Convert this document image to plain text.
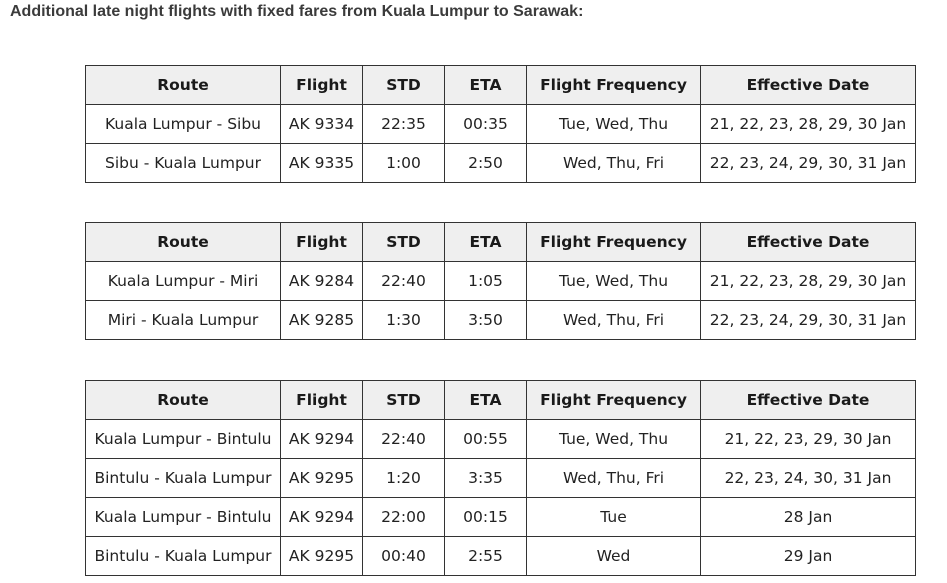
Additional late night flights with fixed fares from Kuala Lumpur to Sarawak:
Route	Flight	STD	ETA	Flight Frequency	Effective Date
Kuala Lumpur - Sibu	AK 9334	22:35	00:35	Tue, Wed, Thu	21, 22, 23, 28, 29, 30 Jan
Sibu - Kuala Lumpur	AK 9335	1:00	2:50	Wed, Thu, Fri	22, 23, 24, 29, 30, 31 Jan
Route	Flight	STD	ETA	Flight Frequency	Effective Date
Kuala Lumpur - Miri	AK 9284	22:40	1:05	Tue, Wed, Thu	21, 22, 23, 28, 29, 30 Jan
Miri - Kuala Lumpur	AK 9285	1:30	3:50	Wed, Thu, Fri	22, 23, 24, 29, 30, 31 Jan
Route	Flight	STD	ETA	Flight Frequency	Effective Date
Kuala Lumpur - Bintulu	AK 9294	22:40	00:55	Tue, Wed, Thu	21, 22, 23, 29, 30 Jan
Bintulu - Kuala Lumpur	AK 9295	1:20	3:35	Wed, Thu, Fri	22, 23, 24, 30, 31 Jan
Kuala Lumpur - Bintulu	AK 9294	22:00	00:15	Tue	28 Jan
Bintulu - Kuala Lumpur	AK 9295	00:40	2:55	Wed	29 Jan
